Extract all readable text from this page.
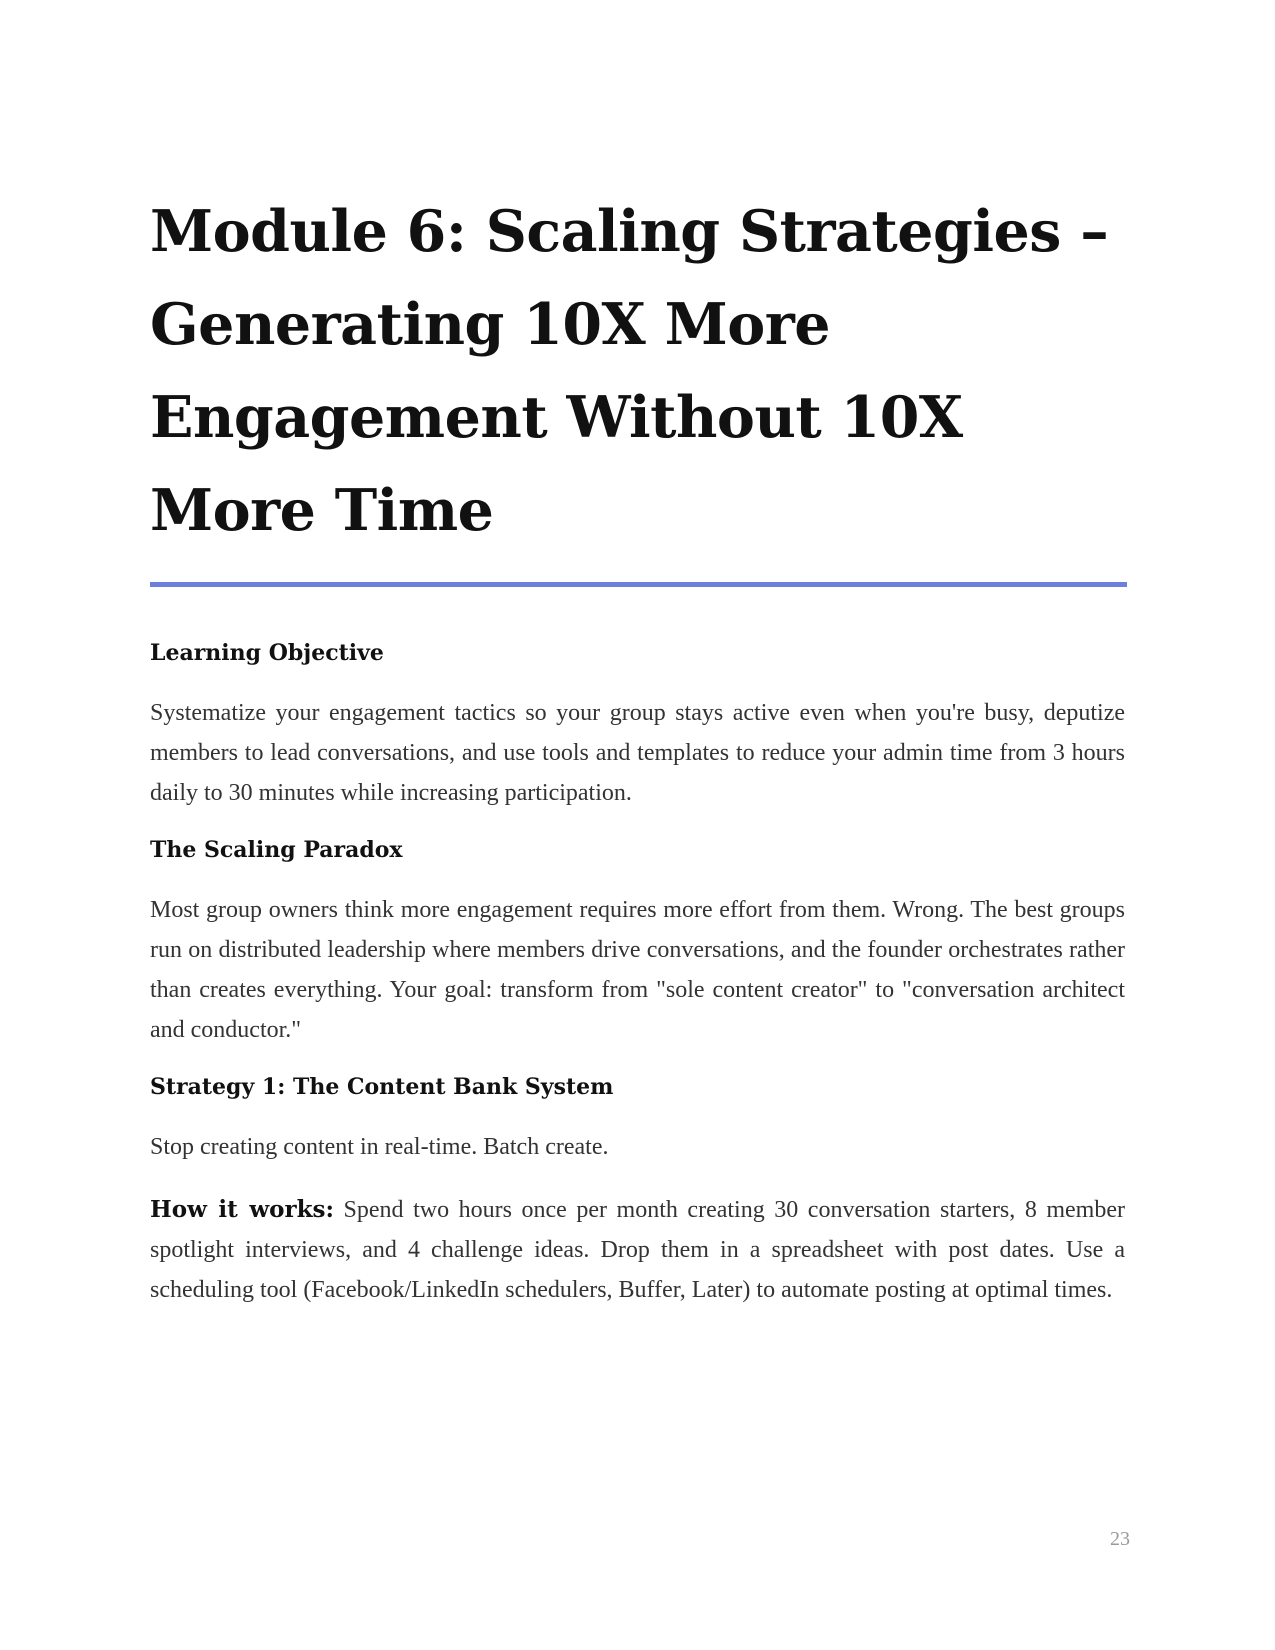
Module 6: Scaling Strategies – Generating 10X More Engagement Without 10X More Time
Learning Objective

Systematize your engagement tactics so your group stays active even when you're busy, deputize members to lead conversations, and use tools and templates to reduce your admin time from 3 hours daily to 30 minutes while increasing participation.

The Scaling Paradox

Most group owners think more engagement requires more effort from them. Wrong. The best groups run on distributed leadership where members drive conversations, and the founder orchestrates rather than creates everything. Your goal: transform from "sole content creator" to "conversation architect and conductor."

Strategy 1: The Content Bank System

Stop creating content in real-time. Batch create.

How it works: Spend two hours once per month creating 30 conversation starters, 8 member spotlight interviews, and 4 challenge ideas. Drop them in a spreadsheet with post dates. Use a scheduling tool (Facebook/LinkedIn schedulers, Buffer, Later) to automate posting at optimal times.

23
